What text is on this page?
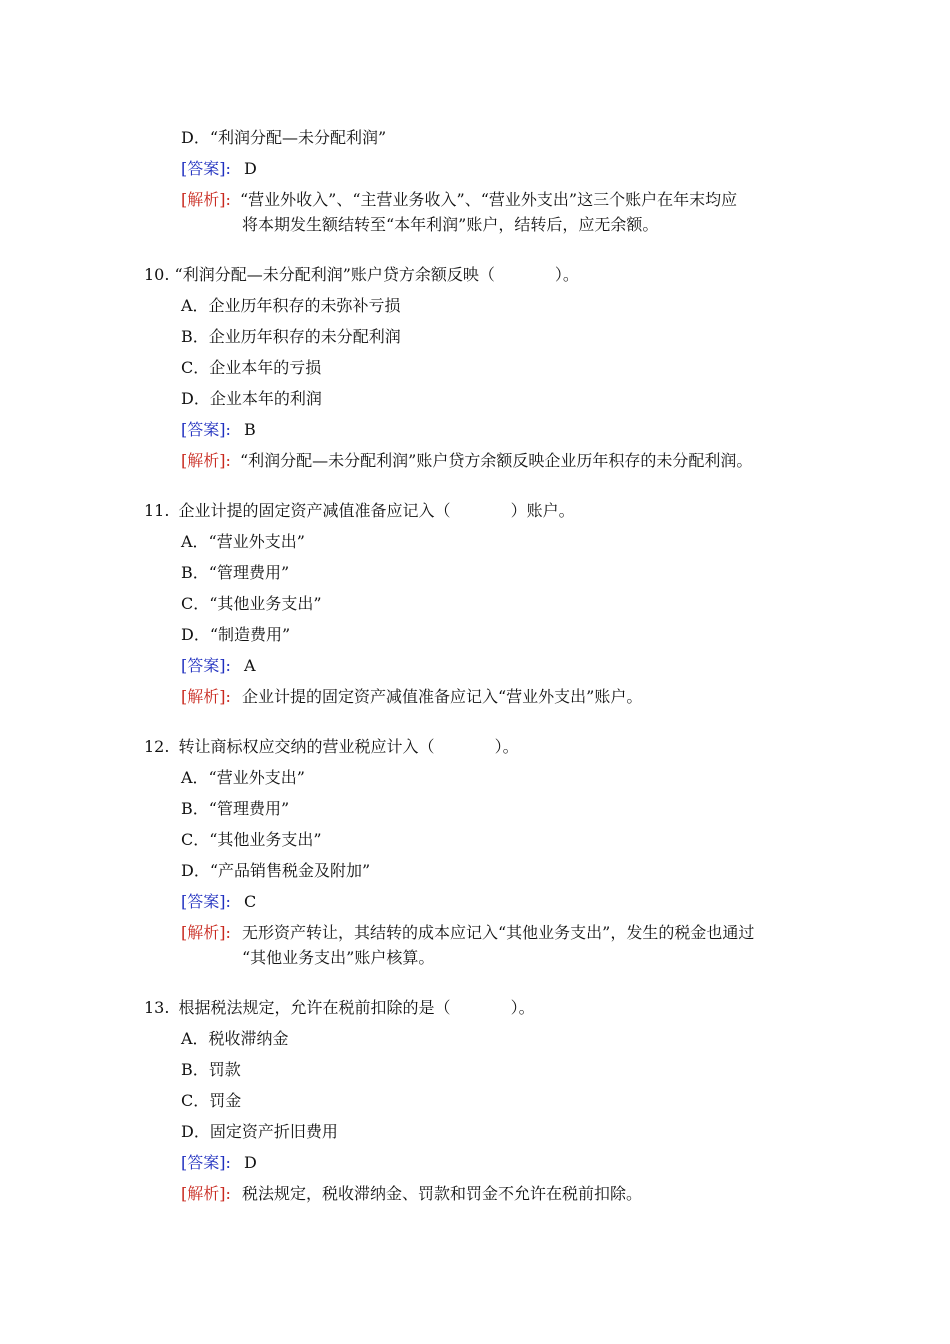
D．“利润分配—未分配利润”
[答案]: D
[解析]: “营业外收入”、“主营业务收入”、“营业外支出”这三个账户在年末均应
将本期发生额结转至“本年利润”账户，结转后，应无余额。
10. “利润分配—未分配利润”账户贷方余额反映（	）。
A．企业历年积存的未弥补亏损
B．企业历年积存的未分配利润
C．企业本年的亏损
D．企业本年的利润
[答案]: B
[解析]: “利润分配—未分配利润”账户贷方余额反映企业历年积存的未分配利润。
11. 企业计提的固定资产减值准备应记入（	）账户。
A．“营业外支出”
B．“管理费用”
C．“其他业务支出”
D．“制造费用”
[答案]: A
[解析]: 企业计提的固定资产减值准备应记入“营业外支出”账户。
12. 转让商标权应交纳的营业税应计入（	）。
A．“营业外支出”
B．“管理费用”
C．“其他业务支出”
D．“产品销售税金及附加”
[答案]: C
[解析]: 无形资产转让，其结转的成本应记入“其他业务支出”，发生的税金也通过
“其他业务支出”账户核算。
13. 根据税法规定，允许在税前扣除的是（	）。
A．税收滞纳金
B．罚款
C．罚金
D．固定资产折旧费用
[答案]: D
[解析]: 税法规定，税收滞纳金、罚款和罚金不允许在税前扣除。
